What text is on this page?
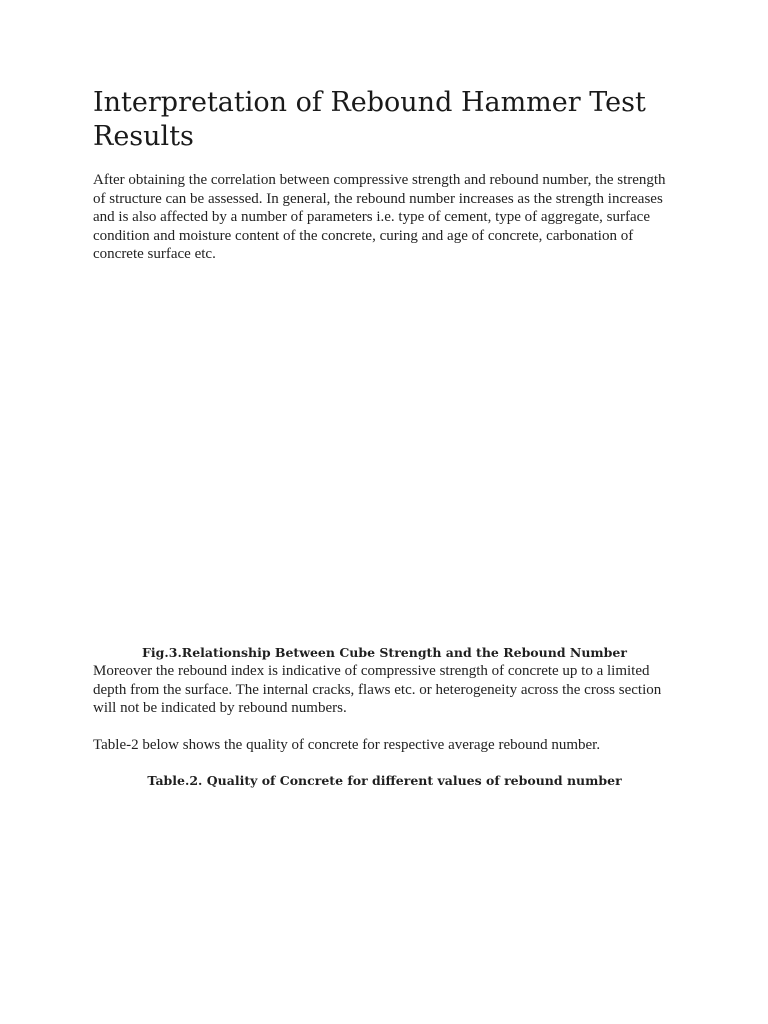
Interpretation of Rebound Hammer Test Results

After obtaining the correlation between compressive strength and rebound number, the strength of structure can be assessed. In general, the rebound number increases as the strength increases and is also affected by a number of parameters i.e. type of cement, type of aggregate, surface condition and moisture content of the concrete, curing and age of concrete, carbonation of concrete surface etc.

Fig.3.Relationship Between Cube Strength and the Rebound Number

Moreover the rebound index is indicative of compressive strength of concrete up to a limited depth from the surface. The internal cracks, flaws etc. or heterogeneity across the cross section will not be indicated by rebound numbers.

Table-2 below shows the quality of concrete for respective average rebound number.

Table.2. Quality of Concrete for different values of rebound number
